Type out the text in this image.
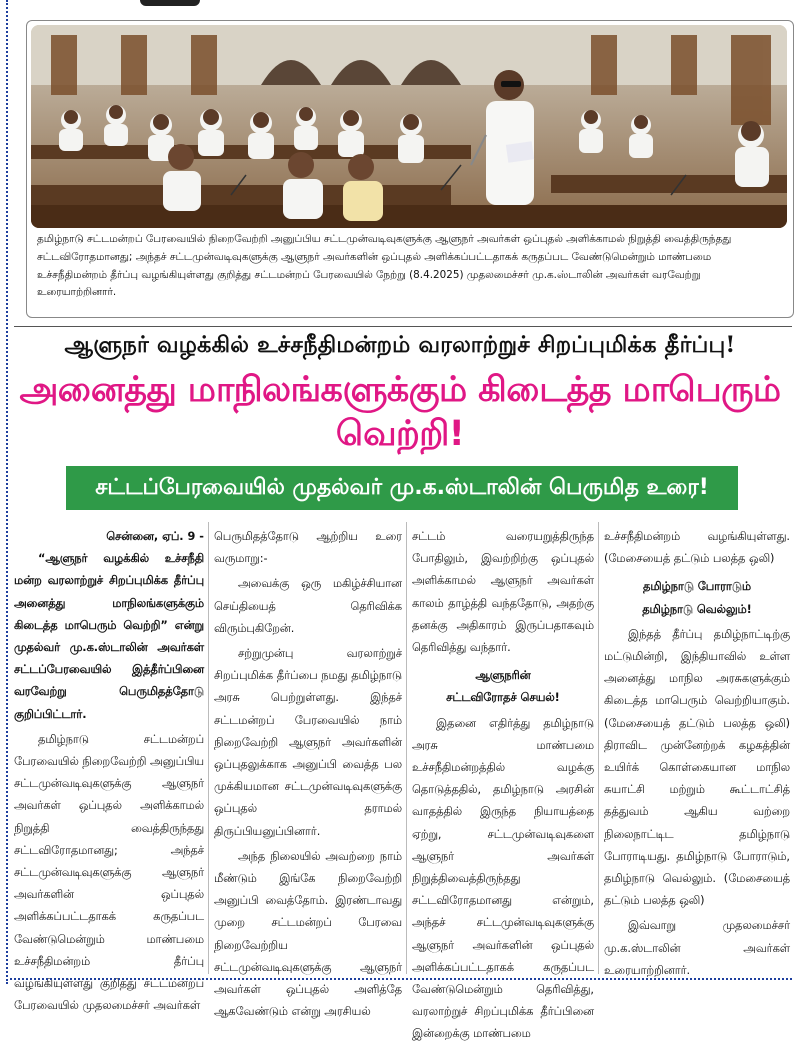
தமிழ்நாடு சட்டமன்றப் பேரவையில் நிறைவேற்றி அனுப்பிய சட்டமுன்வடிவுகளுக்கு ஆளுநர் அவர்கள் ஒப்புதல் அளிக்காமல் நிறுத்தி வைத்திருந்தது
சட்டவிரோதமானது; அந்தச் சட்டமுன்வடிவுகளுக்கு ஆளுநர் அவர்களின் ஒப்புதல் அளிக்கப்பட்டதாகக் கருதப்பட வேண்டுமென்றும் மாண்பமை
உச்சநீதிமன்றம் தீர்ப்பு வழங்கியுள்ளது குறித்து சட்டமன்றப் பேரவையில் நேற்று (8.4.2025) முதலமைச்சர் மு.க.ஸ்டாலின் அவர்கள் வரவேற்று
உரையாற்றினார்.
ஆளுநர் வழக்கில் உச்சநீதிமன்றம் வரலாற்றுச் சிறப்புமிக்க தீர்ப்பு!
அனைத்து மாநிலங்களுக்கும் கிடைத்த மாபெரும் வெற்றி!
சட்டப்பேரவையில் முதல்வர் மு.க.ஸ்டாலின் பெருமித உரை!

சென்னை, ஏப். 9 -

“ஆளுநர் வழக்கில் உச்சநீதி மன்ற வரலாற்றுச் சிறப்புமிக்க தீர்ப்பு அனைத்து மாநிலங்களுக்கும் கிடைத்த மாபெரும் வெற்றி” என்று முதல்வர் மு.க.ஸ்டாலின் அவர்கள் சட்டப்பேரவையில் இத்தீர்ப்பினை வரவேற்று பெருமிதத்தோடு குறிப்பிட்டார்.

தமிழ்நாடு சட்டமன்றப் பேரவையில் நிறைவேற்றி அனுப்பிய சட்டமுன்வடிவுகளுக்கு ஆளுநர் அவர்கள் ஒப்புதல் அளிக்காமல் நிறுத்தி வைத்திருந்தது சட்டவிரோதமானது; அந்தச் சட்டமுன்வடிவுகளுக்கு ஆளுநர் அவர்களின் ஒப்புதல் அளிக்கப்பட்டதாகக் கருதப்பட வேண்டுமென்றும் மாண்பமை உச்சநீதிமன்றம் தீர்ப்பு வழங்கியுள்ளது குறித்து சட்டமன்றப் பேரவையில் முதலமைச்சர் அவர்கள்

பெருமிதத்தோடு ஆற்றிய உரை வருமாறு:-

அவைக்கு ஒரு மகிழ்ச்சியான செய்தியைத் தெரிவிக்க விரும்புகிறேன்.

சற்றுமுன்பு வரலாற்றுச் சிறப்புமிக்க தீர்ப்பை நமது தமிழ்நாடு அரசு பெற்றுள்ளது. இந்தச் சட்டமன்றப் பேரவையில் நாம் நிறைவேற்றி ஆளுநர் அவர்களின் ஒப்புதலுக்காக அனுப்பி வைத்த பல முக்கியமான சட்டமுன்வடிவுகளுக்கு ஒப்புதல் தராமல் திருப்பியனுப்பினார்.

அந்த நிலையில் அவற்றை நாம் மீண்டும் இங்கே நிறைவேற்றி அனுப்பி வைத்தோம். இரண்டாவது முறை சட்டமன்றப் பேரவை நிறைவேற்றிய சட்டமுன்வடிவுகளுக்கு ஆளுநர் அவர்கள் ஒப்புதல் அளித்தே ஆகவேண்டும் என்று அரசியல்

சட்டம் வரையறுத்திருந்த போதிலும், இவற்றிற்கு ஒப்புதல் அளிக்காமல் ஆளுநர் அவர்கள் காலம் தாழ்த்தி வந்ததோடு, அதற்கு தனக்கு அதிகாரம் இருப்பதாகவும் தெரிவித்து வந்தார்.

ஆளுநரின்

சட்டவிரோதச் செயல்!

இதனை எதிர்த்து தமிழ்நாடு அரசு மாண்பமை உச்சநீதிமன்றத்தில் வழக்கு தொடுத்ததில், தமிழ்நாடு அரசின் வாதத்தில் இருந்த நியாயத்தை ஏற்று, சட்டமுன்வடிவுகளை ஆளுநர் அவர்கள் நிறுத்திவைத்திருந்தது சட்டவிரோதமானது என்றும், அந்தச் சட்டமுன்வடிவுகளுக்கு ஆளுநர் அவர்களின் ஒப்புதல் அளிக்கப்பட்டதாகக் கருதப்பட வேண்டுமென்றும் தெரிவித்து, வரலாற்றுச் சிறப்புமிக்க தீர்ப்பினை இன்றைக்கு மாண்பமை

உச்சநீதிமன்றம் வழங்கியுள்ளது. (மேசையைத் தட்டும் பலத்த ஒலி)

தமிழ்நாடு போராடும்

தமிழ்நாடு வெல்லும்!

இந்தத் தீர்ப்பு தமிழ்நாட்டிற்கு மட்டுமின்றி, இந்தியாவில் உள்ள அனைத்து மாநில அரசுகளுக்கும் கிடைத்த மாபெரும் வெற்றியாகும். (மேசையைத் தட்டும் பலத்த ஒலி) திராவிட முன்னேற்றக் கழகத்தின் உயிர்க் கொள்கையான மாநில சுயாட்சி மற்றும் கூட்டாட்சித் தத்துவம் ஆகிய வற்றை நிலைநாட்டிட தமிழ்நாடு போராடியது. தமிழ்நாடு போராடும், தமிழ்நாடு வெல்லும். (மேசையைத் தட்டும் பலத்த ஒலி)

இவ்வாறு முதலமைச்சர் மு.க.ஸ்டாலின் அவர்கள் உரையாற்றினார்.
